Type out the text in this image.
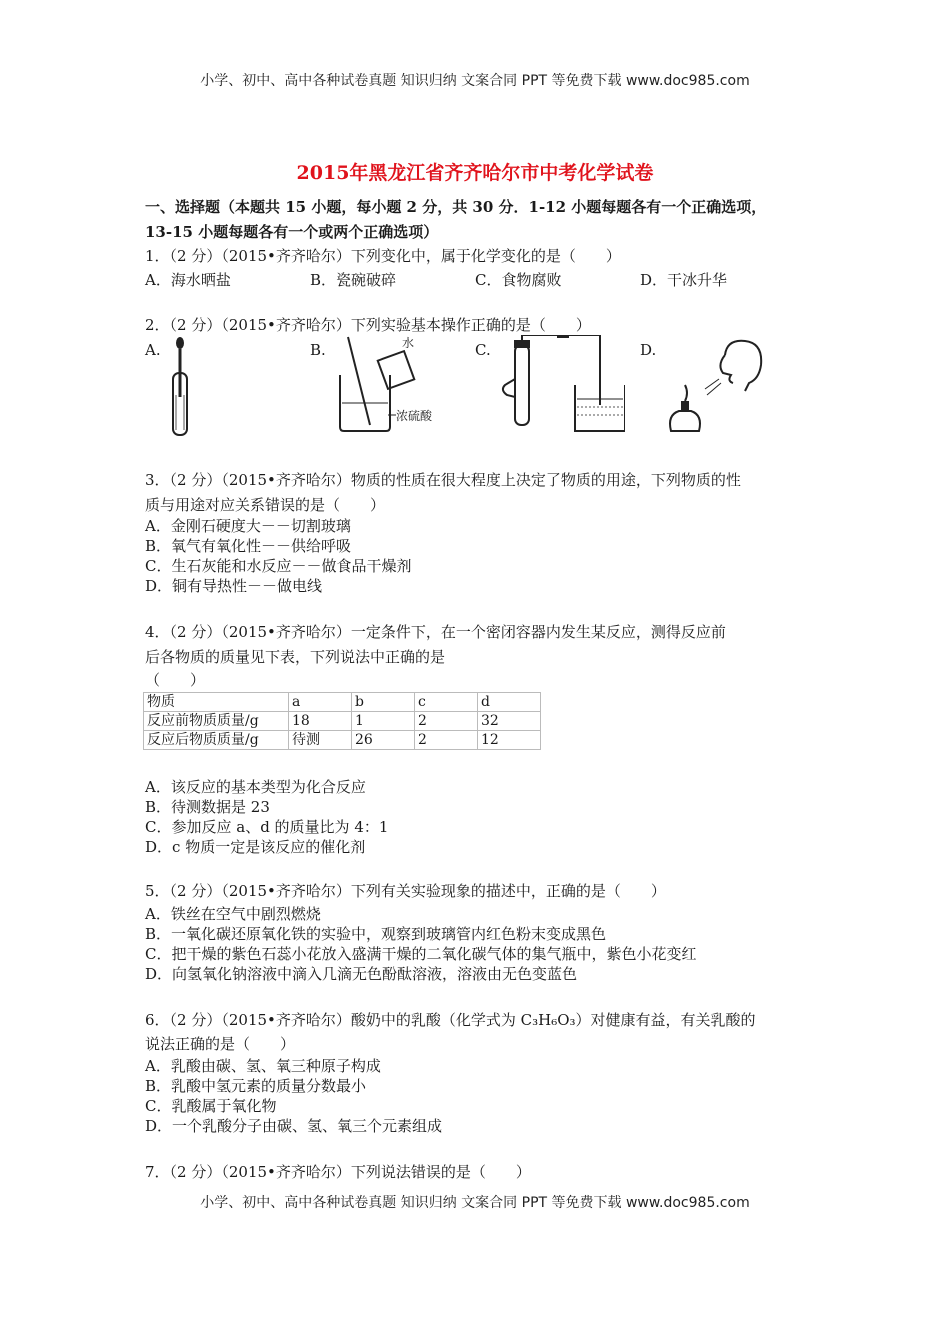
小学、初中、高中各种试卷真题 知识归纳 文案合同 PPT 等免费下载 www.doc985.com
2015年黑龙江省齐齐哈尔市中考化学试卷
一、选择题（本题共 15 小题，每小题 2 分，共 30 分．1-12 小题每题各有一个正确选项，
13-15 小题每题各有一个或两个正确选项）
1．（2 分）（2015•齐齐哈尔）下列变化中，属于化学变化的是（　　）
A．海水晒盐	B．瓷碗破碎	C．食物腐败	D．干冰升华
2．（2 分）（2015•齐齐哈尔）下列实验基本操作正确的是（　　）
A.	B.	C.	D.
水
浓硫酸
3．（2 分）（2015•齐齐哈尔）物质的性质在很大程度上决定了物质的用途，下列物质的性
质与用途对应关系错误的是（　　）
A．金刚石硬度大－－切割玻璃
B．氧气有氧化性－－供给呼吸
C．生石灰能和水反应－－做食品干燥剂
D．铜有导热性－－做电线
4．（2 分）（2015•齐齐哈尔）一定条件下，在一个密闭容器内发生某反应，测得反应前
后各物质的质量见下表，下列说法中正确的是
（　　）
物质	a	b	c	d
反应前物质质量/g	18	1	2	32
反应后物质质量/g	待测	26	2	12
A．该反应的基本类型为化合反应
B．待测数据是 23
C．参加反应 a、d 的质量比为 4：1
D．c 物质一定是该反应的催化剂
5．（2 分）（2015•齐齐哈尔）下列有关实验现象的描述中，正确的是（　　）
A．铁丝在空气中剧烈燃烧
B．一氧化碳还原氧化铁的实验中，观察到玻璃管内红色粉末变成黑色
C．把干燥的紫色石蕊小花放入盛满干燥的二氧化碳气体的集气瓶中，紫色小花变红
D．向氢氧化钠溶液中滴入几滴无色酚酞溶液，溶液由无色变蓝色
6．（2 分）（2015•齐齐哈尔）酸奶中的乳酸（化学式为 C₃H₆O₃）对健康有益，有关乳酸的
说法正确的是（　　）
A．乳酸由碳、氢、氧三种原子构成
B．乳酸中氢元素的质量分数最小
C．乳酸属于氧化物
D．一个乳酸分子由碳、氢、氧三个元素组成
7．（2 分）（2015•齐齐哈尔）下列说法错误的是（　　）
小学、初中、高中各种试卷真题 知识归纳 文案合同 PPT 等免费下载 www.doc985.com
